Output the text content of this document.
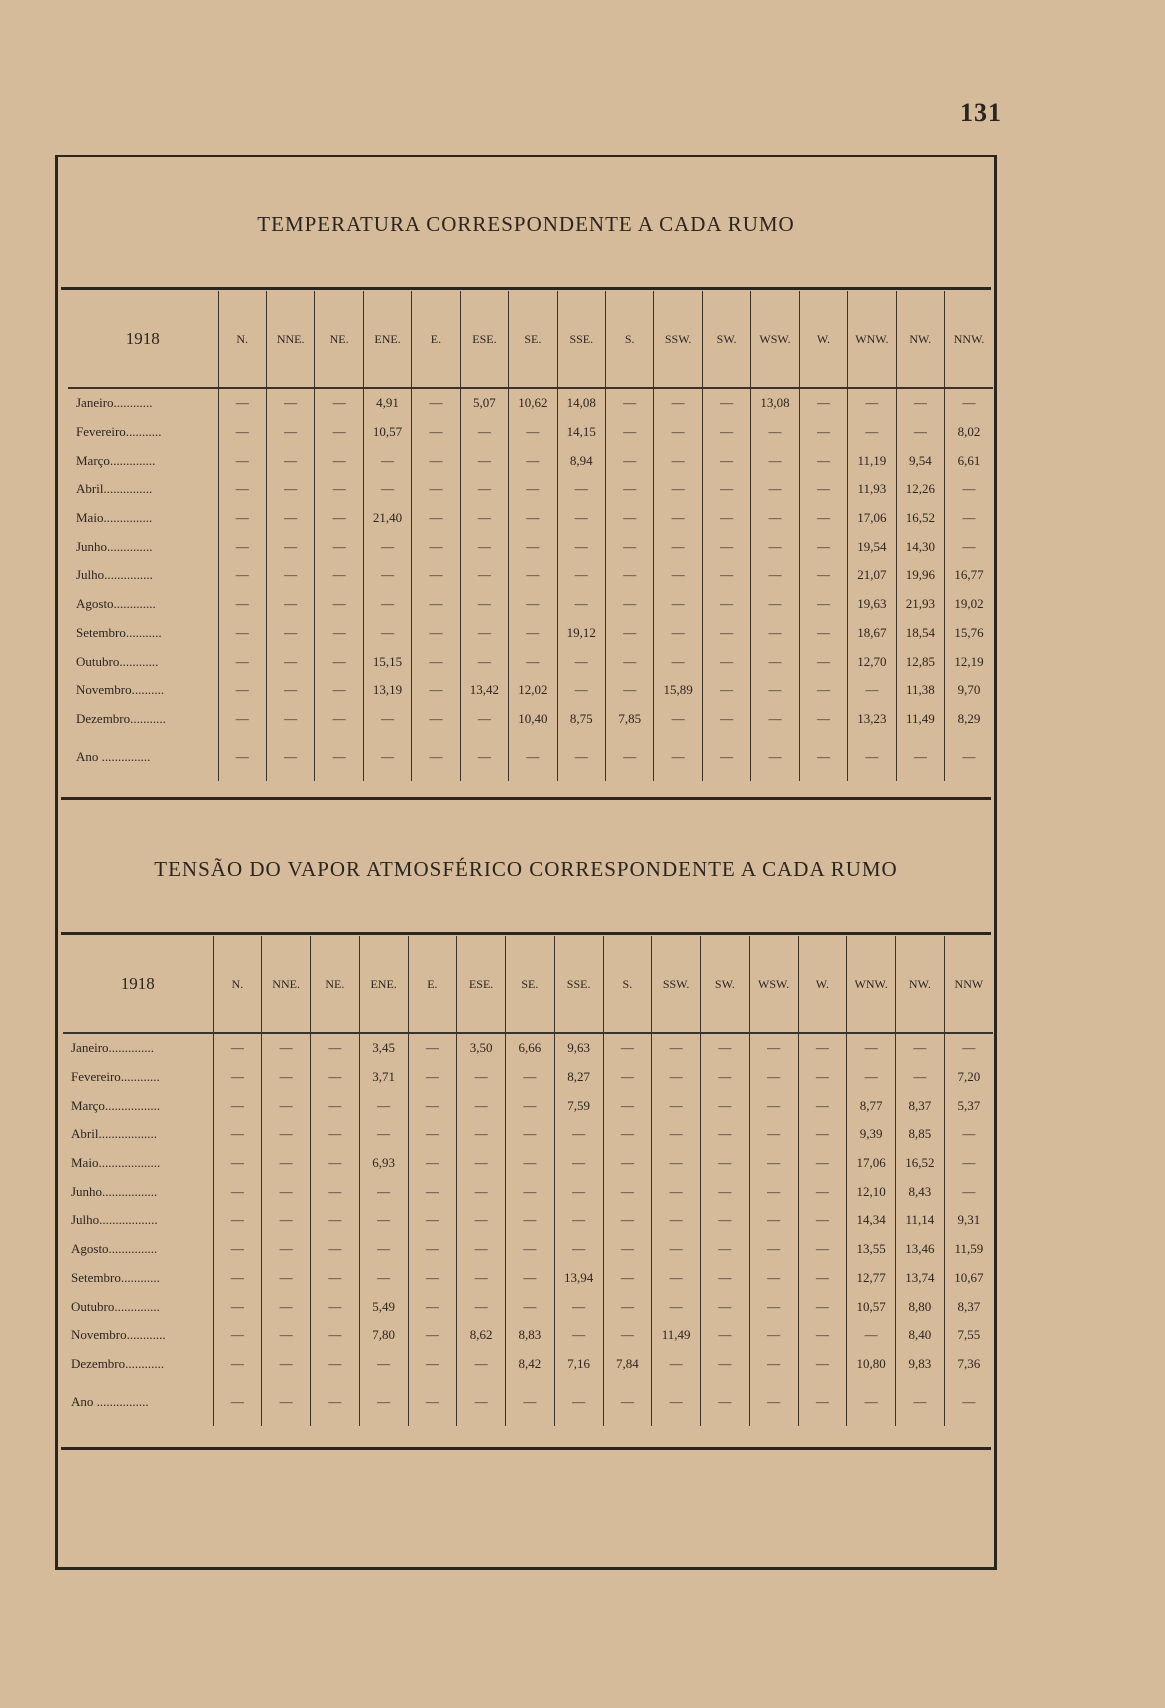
131
TEMPERATURA CORRESPONDENTE A CADA RUMO
1918	N.	NNE.	NE.	ENE.	E.	ESE.	SE.	SSE.	S.	SSW.	SW.	WSW.	W.	WNW.	NW.	NNW.
Janeiro............	—	—	—	4,91	—	5,07	10,62	14,08	—	—	—	13,08	—	—	—	—
Fevereiro...........	—	—	—	10,57	—	—	—	14,15	—	—	—	—	—	—	—	8,02
Março..............	—	—	—	—	—	—	—	8,94	—	—	—	—	—	11,19	9,54	6,61
Abril...............	—	—	—	—	—	—	—	—	—	—	—	—	—	11,93	12,26	—
Maio...............	—	—	—	21,40	—	—	—	—	—	—	—	—	—	17,06	16,52	—
Junho..............	—	—	—	—	—	—	—	—	—	—	—	—	—	19,54	14,30	—
Julho...............	—	—	—	—	—	—	—	—	—	—	—	—	—	21,07	19,96	16,77
Agosto.............	—	—	—	—	—	—	—	—	—	—	—	—	—	19,63	21,93	19,02
Setembro...........	—	—	—	—	—	—	—	19,12	—	—	—	—	—	18,67	18,54	15,76
Outubro............	—	—	—	15,15	—	—	—	—	—	—	—	—	—	12,70	12,85	12,19
Novembro..........	—	—	—	13,19	—	13,42	12,02	—	—	15,89	—	—	—	—	11,38	9,70
Dezembro...........	—	—	—	—	—	—	10,40	8,75	7,85	—	—	—	—	13,23	11,49	8,29
Ano ...............	—	—	—	—	—	—	—	—	—	—	—	—	—	—	—	—
TENSÃO DO VAPOR ATMOSFÉRICO CORRESPONDENTE A CADA RUMO
1918	N.	NNE.	NE.	ENE.	E.	ESE.	SE.	SSE.	S.	SSW.	SW.	WSW.	W.	WNW.	NW.	NNW
Janeiro..............	—	—	—	3,45	—	3,50	6,66	9,63	—	—	—	—	—	—	—	—
Fevereiro............	—	—	—	3,71	—	—	—	8,27	—	—	—	—	—	—	—	7,20
Março.................	—	—	—	—	—	—	—	7,59	—	—	—	—	—	8,77	8,37	5,37
Abril..................	—	—	—	—	—	—	—	—	—	—	—	—	—	9,39	8,85	—
Maio...................	—	—	—	6,93	—	—	—	—	—	—	—	—	—	17,06	16,52	—
Junho.................	—	—	—	—	—	—	—	—	—	—	—	—	—	12,10	8,43	—
Julho..................	—	—	—	—	—	—	—	—	—	—	—	—	—	14,34	11,14	9,31
Agosto...............	—	—	—	—	—	—	—	—	—	—	—	—	—	13,55	13,46	11,59
Setembro............	—	—	—	—	—	—	—	13,94	—	—	—	—	—	12,77	13,74	10,67
Outubro..............	—	—	—	5,49	—	—	—	—	—	—	—	—	—	10,57	8,80	8,37
Novembro............	—	—	—	7,80	—	8,62	8,83	—	—	11,49	—	—	—	—	8,40	7,55
Dezembro............	—	—	—	—	—	—	8,42	7,16	7,84	—	—	—	—	10,80	9,83	7,36
Ano ................	—	—	—	—	—	—	—	—	—	—	—	—	—	—	—	—
